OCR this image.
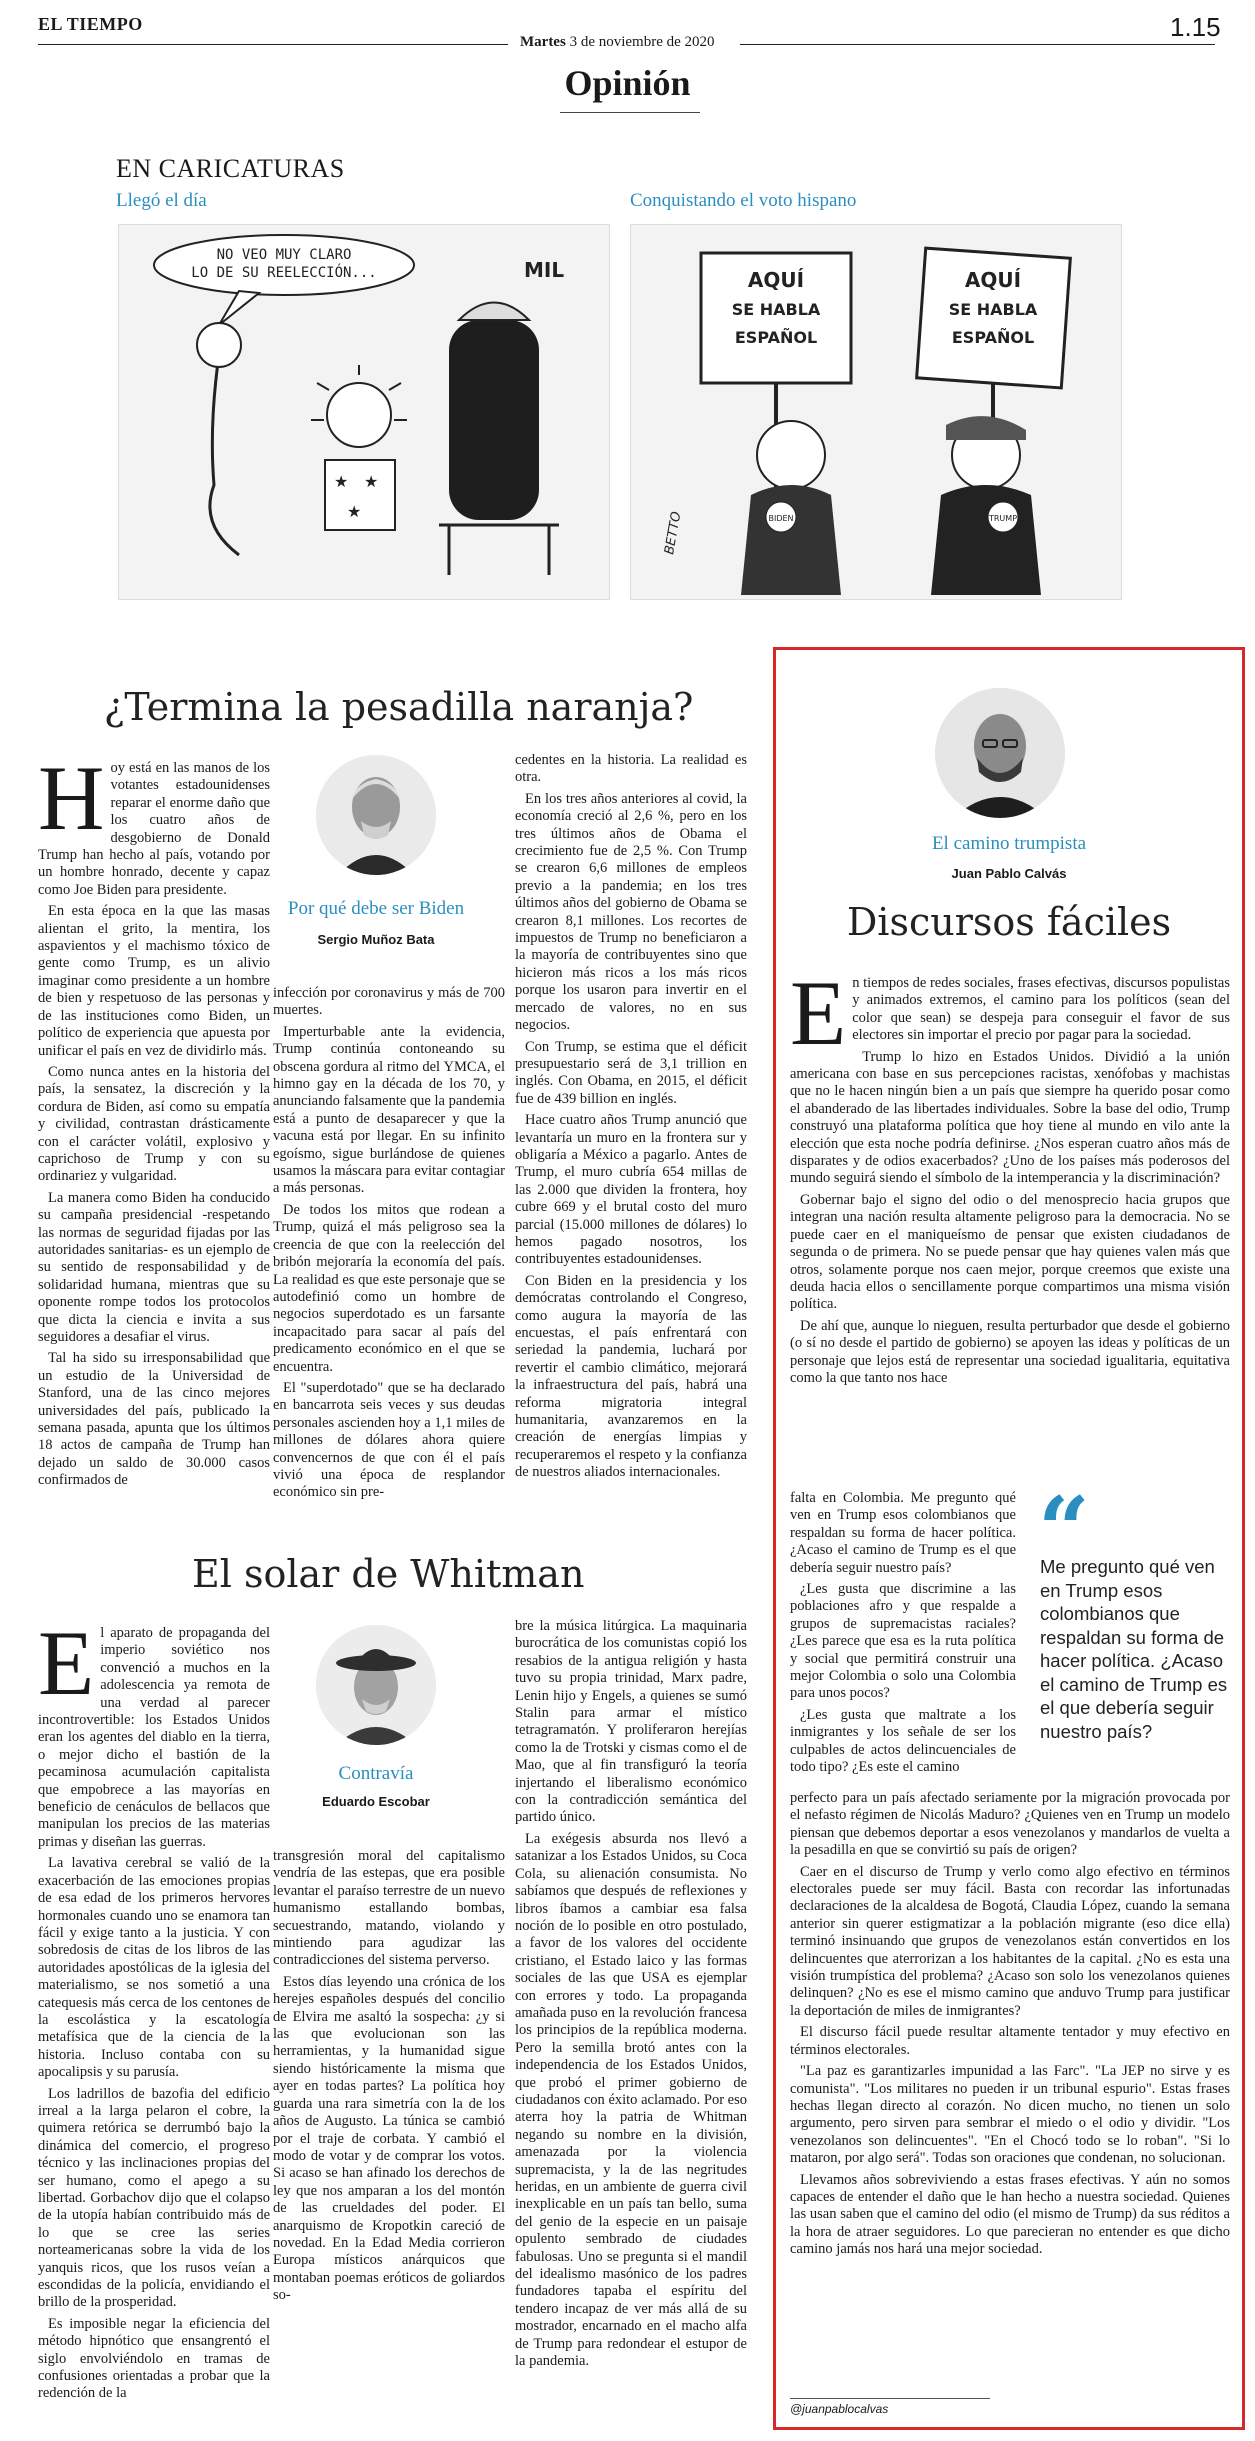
EL TIEMPO
Martes 3 de noviembre de 2020	1.15
Opinión
EN CARICATURAS
Llegó el día	Conquistando el voto hispano
NO VEO MUY CLARO
LO DE SU REELECCIÓN...	MIL
★ ★
★
AQUÍ
SE HABLA
ESPAÑOL
AQUÍ
SE HABLA
ESPAÑOL
BIDEN	TRUMP
BETTO
¿Termina la pesadilla naranja?

Hoy está en las manos de los votantes estadounidenses reparar el enorme daño que los cuatro años de desgobierno de Donald Trump han hecho al país, votando por un hombre honrado, decente y capaz como Joe Biden para presidente.

En esta época en la que las masas alientan el grito, la mentira, los aspavientos y el machismo tóxico de gente como Trump, es un alivio imaginar como presidente a un hombre de bien y respetuoso de las personas y de las instituciones como Biden, un político de experiencia que apuesta por unificar el país en vez de dividirlo más.

Como nunca antes en la historia del país, la sensatez, la discreción y la cordura de Biden, así como su empatía y civilidad, contrastan drásticamente con el carácter volátil, explosivo y caprichoso de Trump y con su ordinariez y vulgaridad.

La manera como Biden ha conducido su campaña presidencial -respetando las normas de seguridad fijadas por las autoridades sanitarias- es un ejemplo de su sentido de responsabilidad y de solidaridad humana, mientras que su oponente rompe todos los protocolos que dicta la ciencia e invita a sus seguidores a desafiar el virus.

Tal ha sido su irresponsabilidad que un estudio de la Universidad de Stanford, una de las cinco mejores universidades del país, publicado la semana pasada, apunta que los últimos 18 actos de campaña de Trump han dejado un saldo de 30.000 casos confirmados de

Por qué debe ser Biden
Sergio Muñoz Bata

infección por coronavirus y más de 700 muertes.

Imperturbable ante la evidencia, Trump continúa contoneando su obscena gordura al ritmo del YMCA, el himno gay en la década de los 70, y anunciando falsamente que la pandemia está a punto de desaparecer y que la vacuna está por llegar. En su infinito egoísmo, sigue burlándose de quienes usamos la máscara para evitar contagiar a más personas.

De todos los mitos que rodean a Trump, quizá el más peligroso sea la creencia de que con la reelección del bribón mejoraría la economía del país. La realidad es que este personaje que se autodefinió como un hombre de negocios superdotado es un farsante incapacitado para sacar al país del predicamento económico en el que se encuentra.

El "superdotado" que se ha declarado en bancarrota seis veces y sus deudas personales ascienden hoy a 1,1 miles de millones de dólares ahora quiere convencernos de que con él el país vivió una época de resplandor económico sin pre-

cedentes en la historia. La realidad es otra.

En los tres años anteriores al covid, la economía creció al 2,6 %, pero en los tres últimos años de Obama el crecimiento fue de 2,5 %. Con Trump se crearon 6,6 millones de empleos previo a la pandemia; en los tres últimos años del gobierno de Obama se crearon 8,1 millones. Los recortes de impuestos de Trump no beneficiaron a la mayoría de contribuyentes sino que hicieron más ricos a los más ricos porque los usaron para invertir en el mercado de valores, no en sus negocios.

Con Trump, se estima que el déficit presupuestario será de 3,1 trillion en inglés. Con Obama, en 2015, el déficit fue de 439 billion en inglés.

Hace cuatro años Trump anunció que levantaría un muro en la frontera sur y obligaría a México a pagarlo. Antes de Trump, el muro cubría 654 millas de las 2.000 que dividen la frontera, hoy cubre 669 y el brutal costo del muro parcial (15.000 millones de dólares) lo hemos pagado nosotros, los contribuyentes estadounidenses.

Con Biden en la presidencia y los demócratas controlando el Congreso, como augura la mayoría de las encuestas, el país enfrentará con seriedad la pandemia, luchará por revertir el cambio climático, mejorará la infraestructura del país, habrá una reforma migratoria integral humanitaria, avanzaremos en la creación de energías limpias y recuperaremos el respeto y la confianza de nuestros aliados internacionales.

El solar de Whitman

El aparato de propaganda del imperio soviético nos convenció a muchos en la adolescencia ya remota de una verdad al parecer incontrovertible: los Estados Unidos eran los agentes del diablo en la tierra, o mejor dicho el bastión de la pecaminosa acumulación capitalista que empobrece a las mayorías en beneficio de cenáculos de bellacos que manipulan los precios de las materias primas y diseñan las guerras.

La lavativa cerebral se valió de la exacerbación de las emociones propias de esa edad de los primeros hervores hormonales cuando uno se enamora tan fácil y exige tanto a la justicia. Y con sobredosis de citas de los libros de las autoridades apostólicas de la iglesia del materialismo, se nos sometió a una catequesis más cerca de los centones de la escolástica y la escatología metafísica que de la ciencia de la historia. Incluso contaba con su apocalipsis y su parusía.

Los ladrillos de bazofia del edificio irreal a la larga pelaron el cobre, la quimera retórica se derrumbó bajo la dinámica del comercio, el progreso técnico y las inclinaciones propias del ser humano, como el apego a su libertad. Gorbachov dijo que el colapso de la utopía habían contribuido más de lo que se cree las series norteamericanas sobre la vida de los yanquis ricos, que los rusos veían a escondidas de la policía, envidiando el brillo de la prosperidad.

Es imposible negar la eficiencia del método hipnótico que ensangrentó el siglo envolviéndolo en tramas de confusiones orientadas a probar que la redención de la

Contravía
Eduardo Escobar

transgresión moral del capitalismo vendría de las estepas, que era posible levantar el paraíso terrestre de un nuevo humanismo estallando bombas, secuestrando, matando, violando y mintiendo para agudizar las contradicciones del sistema perverso.

Estos días leyendo una crónica de los herejes españoles después del concilio de Elvira me asaltó la sospecha: ¿y si las que evolucionan son las herramientas, y la humanidad sigue siendo históricamente la misma que ayer en todas partes? La política hoy guarda una rara simetría con la de los años de Augusto. La túnica se cambió por el traje de corbata. Y cambió el modo de votar y de comprar los votos. Si acaso se han afinado los derechos de ley que nos amparan a los del montón de las crueldades del poder. El anarquismo de Kropotkin careció de novedad. En la Edad Media corrieron Europa místicos anárquicos que montaban poemas eróticos de goliardos so-

bre la música litúrgica. La maquinaria burocrática de los comunistas copió los resabios de la antigua religión y hasta tuvo su propia trinidad, Marx padre, Lenin hijo y Engels, a quienes se sumó Stalin para armar el místico tetragramatón. Y proliferaron herejías como la de Trotski y cismas como el de Mao, que al fin transfiguró la teoría injertando el liberalismo económico con la contradicción semántica del partido único.

La exégesis absurda nos llevó a satanizar a los Estados Unidos, su Coca Cola, su alienación consumista. No sabíamos que después de reflexiones y libros íbamos a cambiar esa falsa noción de lo posible en otro postulado, a favor de los valores del occidente cristiano, el Estado laico y las formas sociales de las que USA es ejemplar con errores y todo. La propaganda amañada puso en la revolución francesa los principios de la república moderna. Pero la semilla brotó antes con la independencia de los Estados Unidos, que probó el primer gobierno de ciudadanos con éxito aclamado. Por eso aterra hoy la patria de Whitman negando su nombre en la división, amenazada por la violencia supremacista, y la de las negritudes heridas, en un ambiente de guerra civil inexplicable en un país tan bello, suma del genio de la especie en un paisaje opulento sembrado de ciudades fabulosas. Uno se pregunta si el mandil del idealismo masónico de los padres fundadores tapaba el espíritu del tendero incapaz de ver más allá de su mostrador, encarnado en el macho alfa de Trump para redondear el estupor de la pandemia.

El camino trumpista
Juan Pablo Calvás
Discursos fáciles

En tiempos de redes sociales, frases efectivas, discursos populistas y animados extremos, el camino para los políticos (sean del color que sean) se despeja para conseguir el favor de sus electores sin importar el precio por pagar para la sociedad.

Trump lo hizo en Estados Unidos. Dividió a la unión americana con base en sus percepciones racistas, xenófobas y machistas que no le hacen ningún bien a un país que siempre ha querido posar como el abanderado de las libertades individuales. Sobre la base del odio, Trump construyó una plataforma política que hoy tiene al mundo en vilo ante la elección que esta noche podría definirse. ¿Nos esperan cuatro años más de disparates y de odios exacerbados? ¿Uno de los países más poderosos del mundo seguirá siendo el símbolo de la intemperancia y la discriminación?

Gobernar bajo el signo del odio o del menosprecio hacia grupos que integran una nación resulta altamente peligroso para la democracia. No se puede caer en el maniqueísmo de pensar que existen ciudadanos de segunda o de primera. No se puede pensar que hay quienes valen más que otros, solamente porque nos caen mejor, porque creemos que existe una deuda hacia ellos o sencillamente porque compartimos una misma visión política.

De ahí que, aunque lo nieguen, resulta perturbador que desde el gobierno (o sí no desde el partido de gobierno) se apoyen las ideas y políticas de un personaje que lejos está de representar una sociedad igualitaria, equitativa como la que tanto nos hace

falta en Colombia. Me pregunto qué ven en Trump esos colombianos que respaldan su forma de hacer política. ¿Acaso el camino de Trump es el que debería seguir nuestro país?

¿Les gusta que discrimine a las poblaciones afro y que respalde a grupos de supremacistas raciales? ¿Les parece que esa es la ruta política y social que permitirá construir una mejor Colombia o solo una Colombia para unos pocos?

¿Les gusta que maltrate a los inmigrantes y los señale de ser los culpables de actos delincuenciales de todo tipo? ¿Es este el camino

“
Me pregunto qué ven en Trump esos colombianos que respaldan su forma de hacer política. ¿Acaso el camino de Trump es el que debería seguir nuestro país?

perfecto para un país afectado seriamente por la migración provocada por el nefasto régimen de Nicolás Maduro? ¿Quienes ven en Trump un modelo piensan que debemos deportar a esos venezolanos y mandarlos de vuelta a la pesadilla en que se convirtió su país de origen?

Caer en el discurso de Trump y verlo como algo efectivo en términos electorales puede ser muy fácil. Basta con recordar las infortunadas declaraciones de la alcaldesa de Bogotá, Claudia López, cuando la semana anterior sin querer estigmatizar a la población migrante (eso dice ella) terminó insinuando que grupos de venezolanos están convertidos en los delincuentes que aterrorizan a los habitantes de la capital. ¿No es esta una visión trumpística del problema? ¿Acaso son solo los venezolanos quienes delinquen? ¿No es ese el mismo camino que anduvo Trump para justificar la deportación de miles de inmigrantes?

El discurso fácil puede resultar altamente tentador y muy efectivo en términos electorales.

"La paz es garantizarles impunidad a las Farc". "La JEP no sirve y es comunista". "Los militares no pueden ir un tribunal espurio". Estas frases hechas llegan directo al corazón. No dicen mucho, no tienen un solo argumento, pero sirven para sembrar el miedo o el odio y dividir. "Los venezolanos son delincuentes". "En el Chocó todo se lo roban". "Si lo mataron, por algo será". Todas son oraciones que condenan, no solucionan.

Llevamos años sobreviviendo a estas frases efectivas. Y aún no somos capaces de entender el daño que le han hecho a nuestra sociedad. Quienes las usan saben que el camino del odio (el mismo de Trump) da sus réditos a la hora de atraer seguidores. Lo que parecieran no entender es que dicho camino jamás nos hará una mejor sociedad.

@juanpablocalvas
